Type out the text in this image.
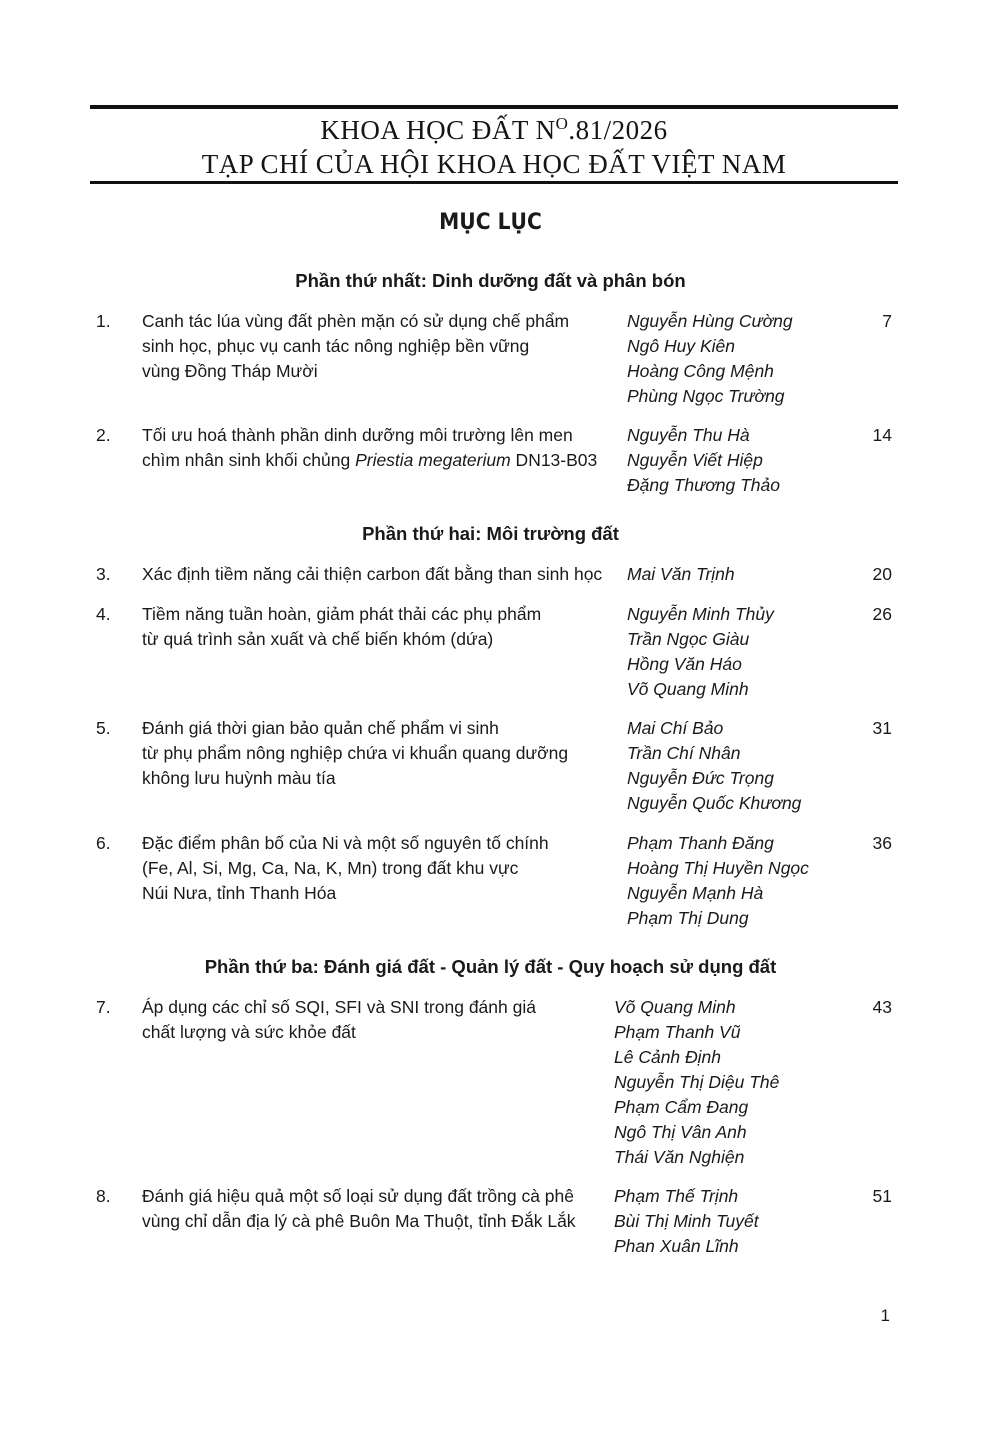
KHOA HỌC ĐẤT $N^O.81/2026$
TẠP CHÍ CỦA HỘI KHOA HỌC ĐẤT VIỆT NAM
MỤC LỤC
Phần thứ nhất: Dinh dưỡng đất và phân bón
1. Canh tác lúa vùng đất phèn mặn có sử dụng chế phẩm
sinh học, phục vụ canh tác nông nghiệp bền vững
vùng Đồng Tháp Mười
Nguyễn Hùng Cường
Ngô Huy Kiên
Hoàng Công Mệnh
Phùng Ngọc Trường
7
2. Tối ưu hoá thành phần dinh dưỡng môi trường lên men
chìm nhân sinh khối chủng Priestia megaterium DN13-B03
Nguyễn Thu Hà
Nguyễn Viết Hiệp
Đặng Thương Thảo
14
Phần thứ hai: Môi trường đất
3. Xác định tiềm năng cải thiện carbon đất bằng than sinh học	Mai Văn Trịnh	20
4. Tiềm năng tuần hoàn, giảm phát thải các phụ phẩm
từ quá trình sản xuất và chế biến khóm (dứa)
Nguyễn Minh Thủy
Trần Ngọc Giàu
Hồng Văn Háo
Võ Quang Minh
26
5. Đánh giá thời gian bảo quản chế phẩm vi sinh
từ phụ phẩm nông nghiệp chứa vi khuẩn quang dưỡng
không lưu huỳnh màu tía
Mai Chí Bảo
Trần Chí Nhân
Nguyễn Đức Trọng
Nguyễn Quốc Khương
31
6. Đặc điểm phân bố của Ni và một số nguyên tố chính
(Fe, Al, Si, Mg, Ca, Na, K, Mn) trong đất khu vực
Núi Nưa, tỉnh Thanh Hóa
Phạm Thanh Đăng
Hoàng Thị Huyền Ngọc
Nguyễn Mạnh Hà
Phạm Thị Dung
36
Phần thứ ba: Đánh giá đất - Quản lý đất - Quy hoạch sử dụng đất
7. Áp dụng các chỉ số SQI, SFI và SNI trong đánh giá
chất lượng và sức khỏe đất
Võ Quang Minh
Phạm Thanh Vũ
Lê Cảnh Định
Nguyễn Thị Diệu Thê
Phạm Cẩm Đang
Ngô Thị Vân Anh
Thái Văn Nghiện
43
8. Đánh giá hiệu quả một số loại sử dụng đất trồng cà phê
vùng chỉ dẫn địa lý cà phê Buôn Ma Thuột, tỉnh Đắk Lắk
Phạm Thế Trịnh
Bùi Thị Minh Tuyết
Phan Xuân Lĩnh
51
1
